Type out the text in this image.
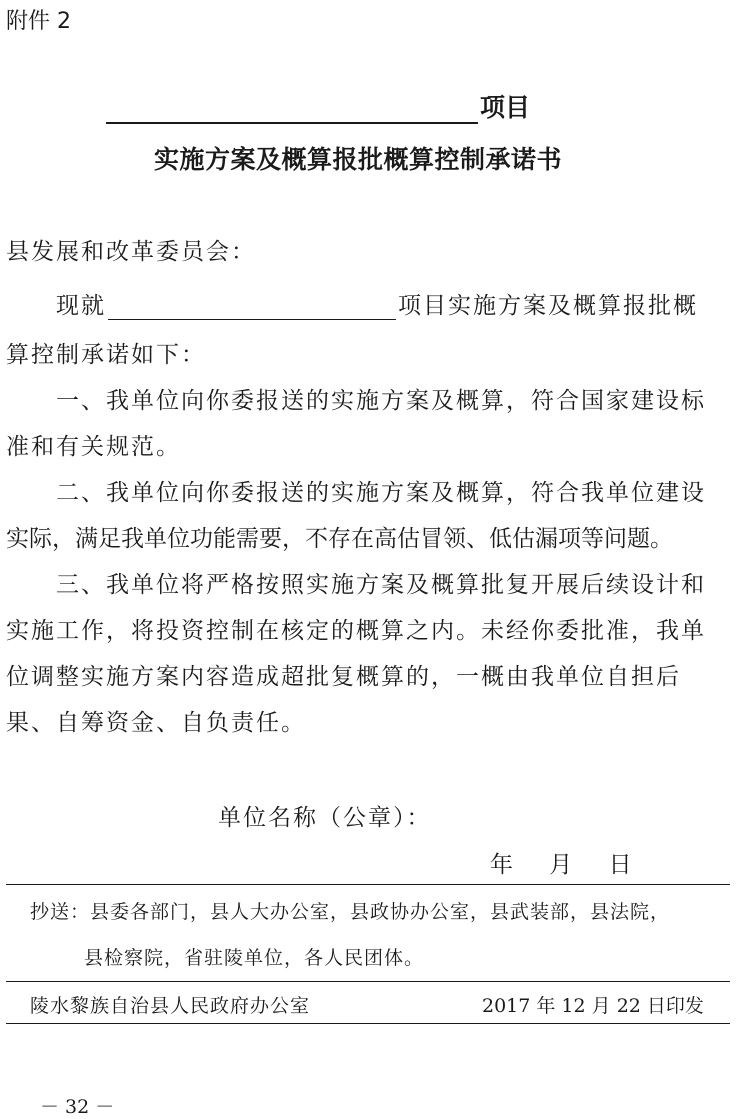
附件 2
项目
实施方案及概算报批概算控制承诺书
县发展和改革委员会：
现就	项目实施方案及概算报批概
算控制承诺如下：
一、我单位向你委报送的实施方案及概算，符合国家建设标
准和有关规范。
二、我单位向你委报送的实施方案及概算，符合我单位建设
实际，满足我单位功能需要，不存在高估冒领、低估漏项等问题。
三、我单位将严格按照实施方案及概算批复开展后续设计和
实施工作，将投资控制在核定的概算之内。未经你委批准，我单
位调整实施方案内容造成超批复概算的，一概由我单位自担后
果、自筹资金、自负责任。
单位名称（公章）：
年　 月　 日
抄送：县委各部门，县人大办公室，县政协办公室，县武装部，县法院，
县检察院，省驻陵单位，各人民团体。
陵水黎族自治县人民政府办公室	2017 年 12 月 22 日印发
－ 32 －
